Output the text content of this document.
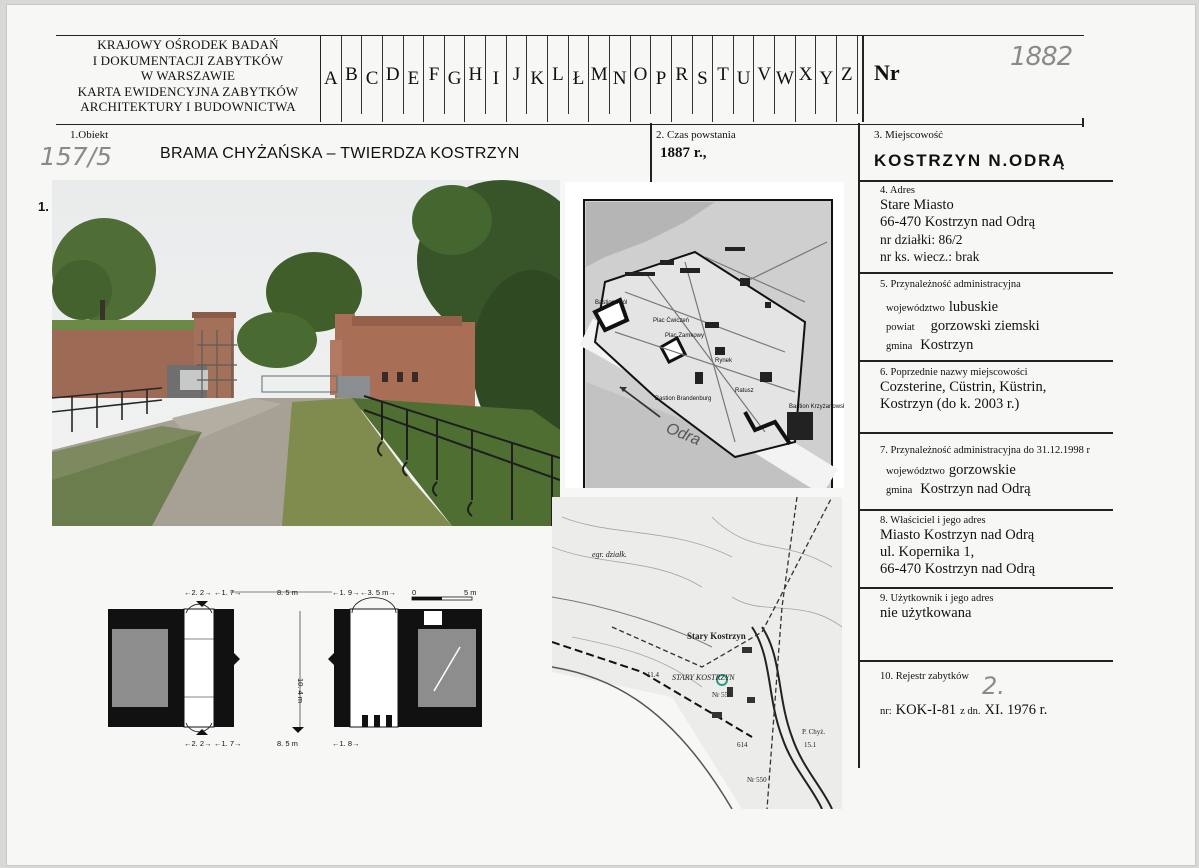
KRAJOWY OŚRODEK BADAŃ
I DOKUMENTACJI ZABYTKÓW
W WARSZAWIE
KARTA EWIDENCYJNA ZABYTKÓW
ARCHITEKTURY I BUDOWNICTWA
A B C D E F G H I J K L Ł M N O P R S T U V W X Y Z Nr
1882
1.Obiekt
157/5	BRAMA CHYŻAŃSKA – TWIERDZA KOSTRZYN
2. Czas powstania
1887 r.,
3. Miejscowość
KOSTRZYN N.ODRĄ
1.
Odra
Plac Zamkowy
Rynek
Plac Ćwiczeń
Bastion Król
Bastion Brandenburg
Ratusz
Bastion Krzyżanowski
Stary Kostrzyn
11.4 STARY KOSTRZYN
egr. działk.
Nr 557
614
P. Chyż.
15.1
Nr 550
←2. 2→ ←1. 7→	8. 5 m	←1. 9→ ←3. 5 m→
←2. 2→ ←1. 7→	8. 5 m	←1. 8→
0	5 m
10. 4 m
4. Adres
Stare Miasto
66-470 Kostrzyn nad Odrą
nr działki: 86/2
nr ks. wiecz.: brak
5. Przynależność administracyjna
województwo lubuskie
powiat gorzowski ziemski
gmina Kostrzyn
6. Poprzednie nazwy miejscowości
Cozsterine, Cüstrin, Küstrin,
Kostrzyn (do k. 2003 r.)
7. Przynależność administracyjna do 31.12.1998 r
województwo gorzowskie
gmina Kostrzyn nad Odrą
8. Właściciel i jego adres
Miasto Kostrzyn nad Odrą
ul. Kopernika 1,
66-470 Kostrzyn nad Odrą
9. Użytkownik i jego adres
nie użytkowana
10. Rejestr zabytków
nr: KOK-I-81 z dn. XI. 1976 r.
2.
